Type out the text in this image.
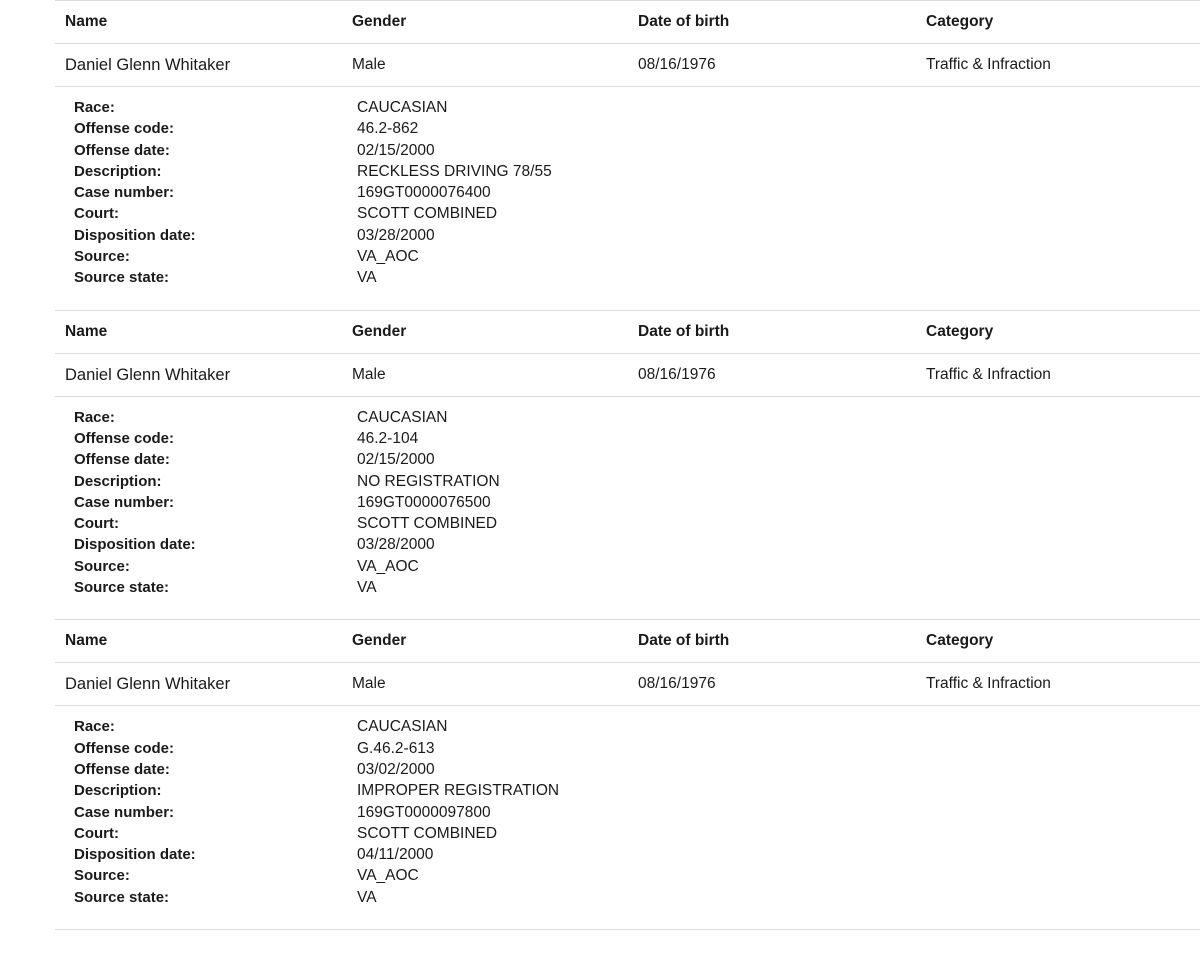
Name	Gender	Date of birth	Category
Daniel Glenn Whitaker	Male	08/16/1976	Traffic & Infraction
Race:	CAUCASIAN
Offense code:	46.2-862
Offense date:	02/15/2000
Description:	RECKLESS DRIVING 78/55
Case number:	169GT0000076400
Court:	SCOTT COMBINED
Disposition date:	03/28/2000
Source:	VA_AOC
Source state:	VA
Name	Gender	Date of birth	Category
Daniel Glenn Whitaker	Male	08/16/1976	Traffic & Infraction
Race:	CAUCASIAN
Offense code:	46.2-104
Offense date:	02/15/2000
Description:	NO REGISTRATION
Case number:	169GT0000076500
Court:	SCOTT COMBINED
Disposition date:	03/28/2000
Source:	VA_AOC
Source state:	VA
Name	Gender	Date of birth	Category
Daniel Glenn Whitaker	Male	08/16/1976	Traffic & Infraction
Race:	CAUCASIAN
Offense code:	G.46.2-613
Offense date:	03/02/2000
Description:	IMPROPER REGISTRATION
Case number:	169GT0000097800
Court:	SCOTT COMBINED
Disposition date:	04/11/2000
Source:	VA_AOC
Source state:	VA
